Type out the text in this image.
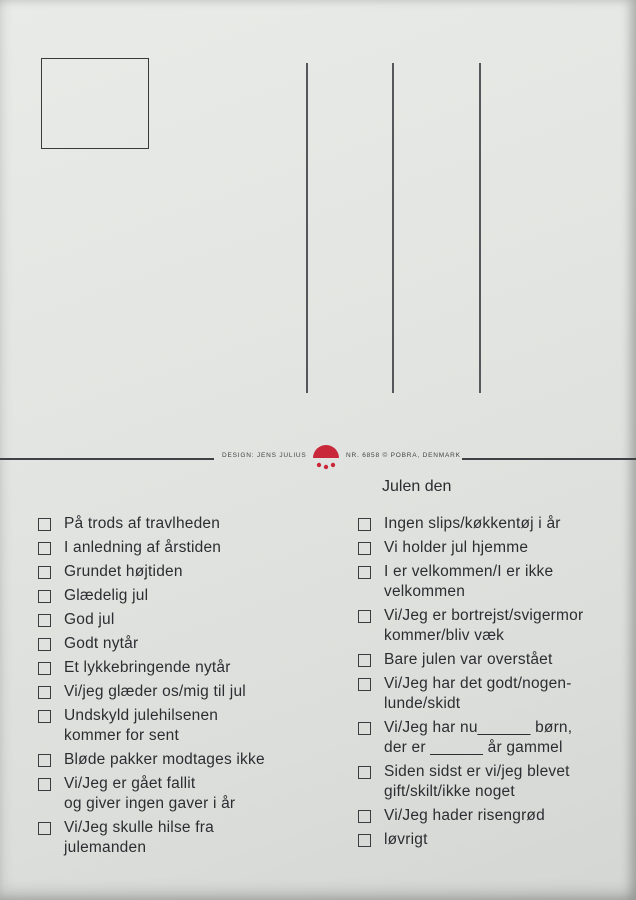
DESIGN: JENS JULIUS	NR. 6858 © POBRA, DENMARK
Julen den
På trods af travlheden
I anledning af årstiden
Grundet højtiden
Glædelig jul
God jul
Godt nytår
Et lykkebringende nytår
Vi/jeg glæder os/mig til jul
Undskyld julehilsenen
kommer for sent
Bløde pakker modtages ikke
Vi/Jeg er gået fallit
og giver ingen gaver i år
Vi/Jeg skulle hilse fra
julemanden
Ingen slips/køkkentøj i år
Vi holder jul hjemme
I er velkommen/I er ikke
velkommen
Vi/Jeg er bortrejst/svigermor
kommer/bliv væk
Bare julen var overstået
Vi/Jeg har det godt/nogen-
lunde/skidt
Vi/Jeg har nu______ børn,
der er ______ år gammel
Siden sidst er vi/jeg blevet
gift/skilt/ikke noget
Vi/Jeg hader risengrød
løvrigt
